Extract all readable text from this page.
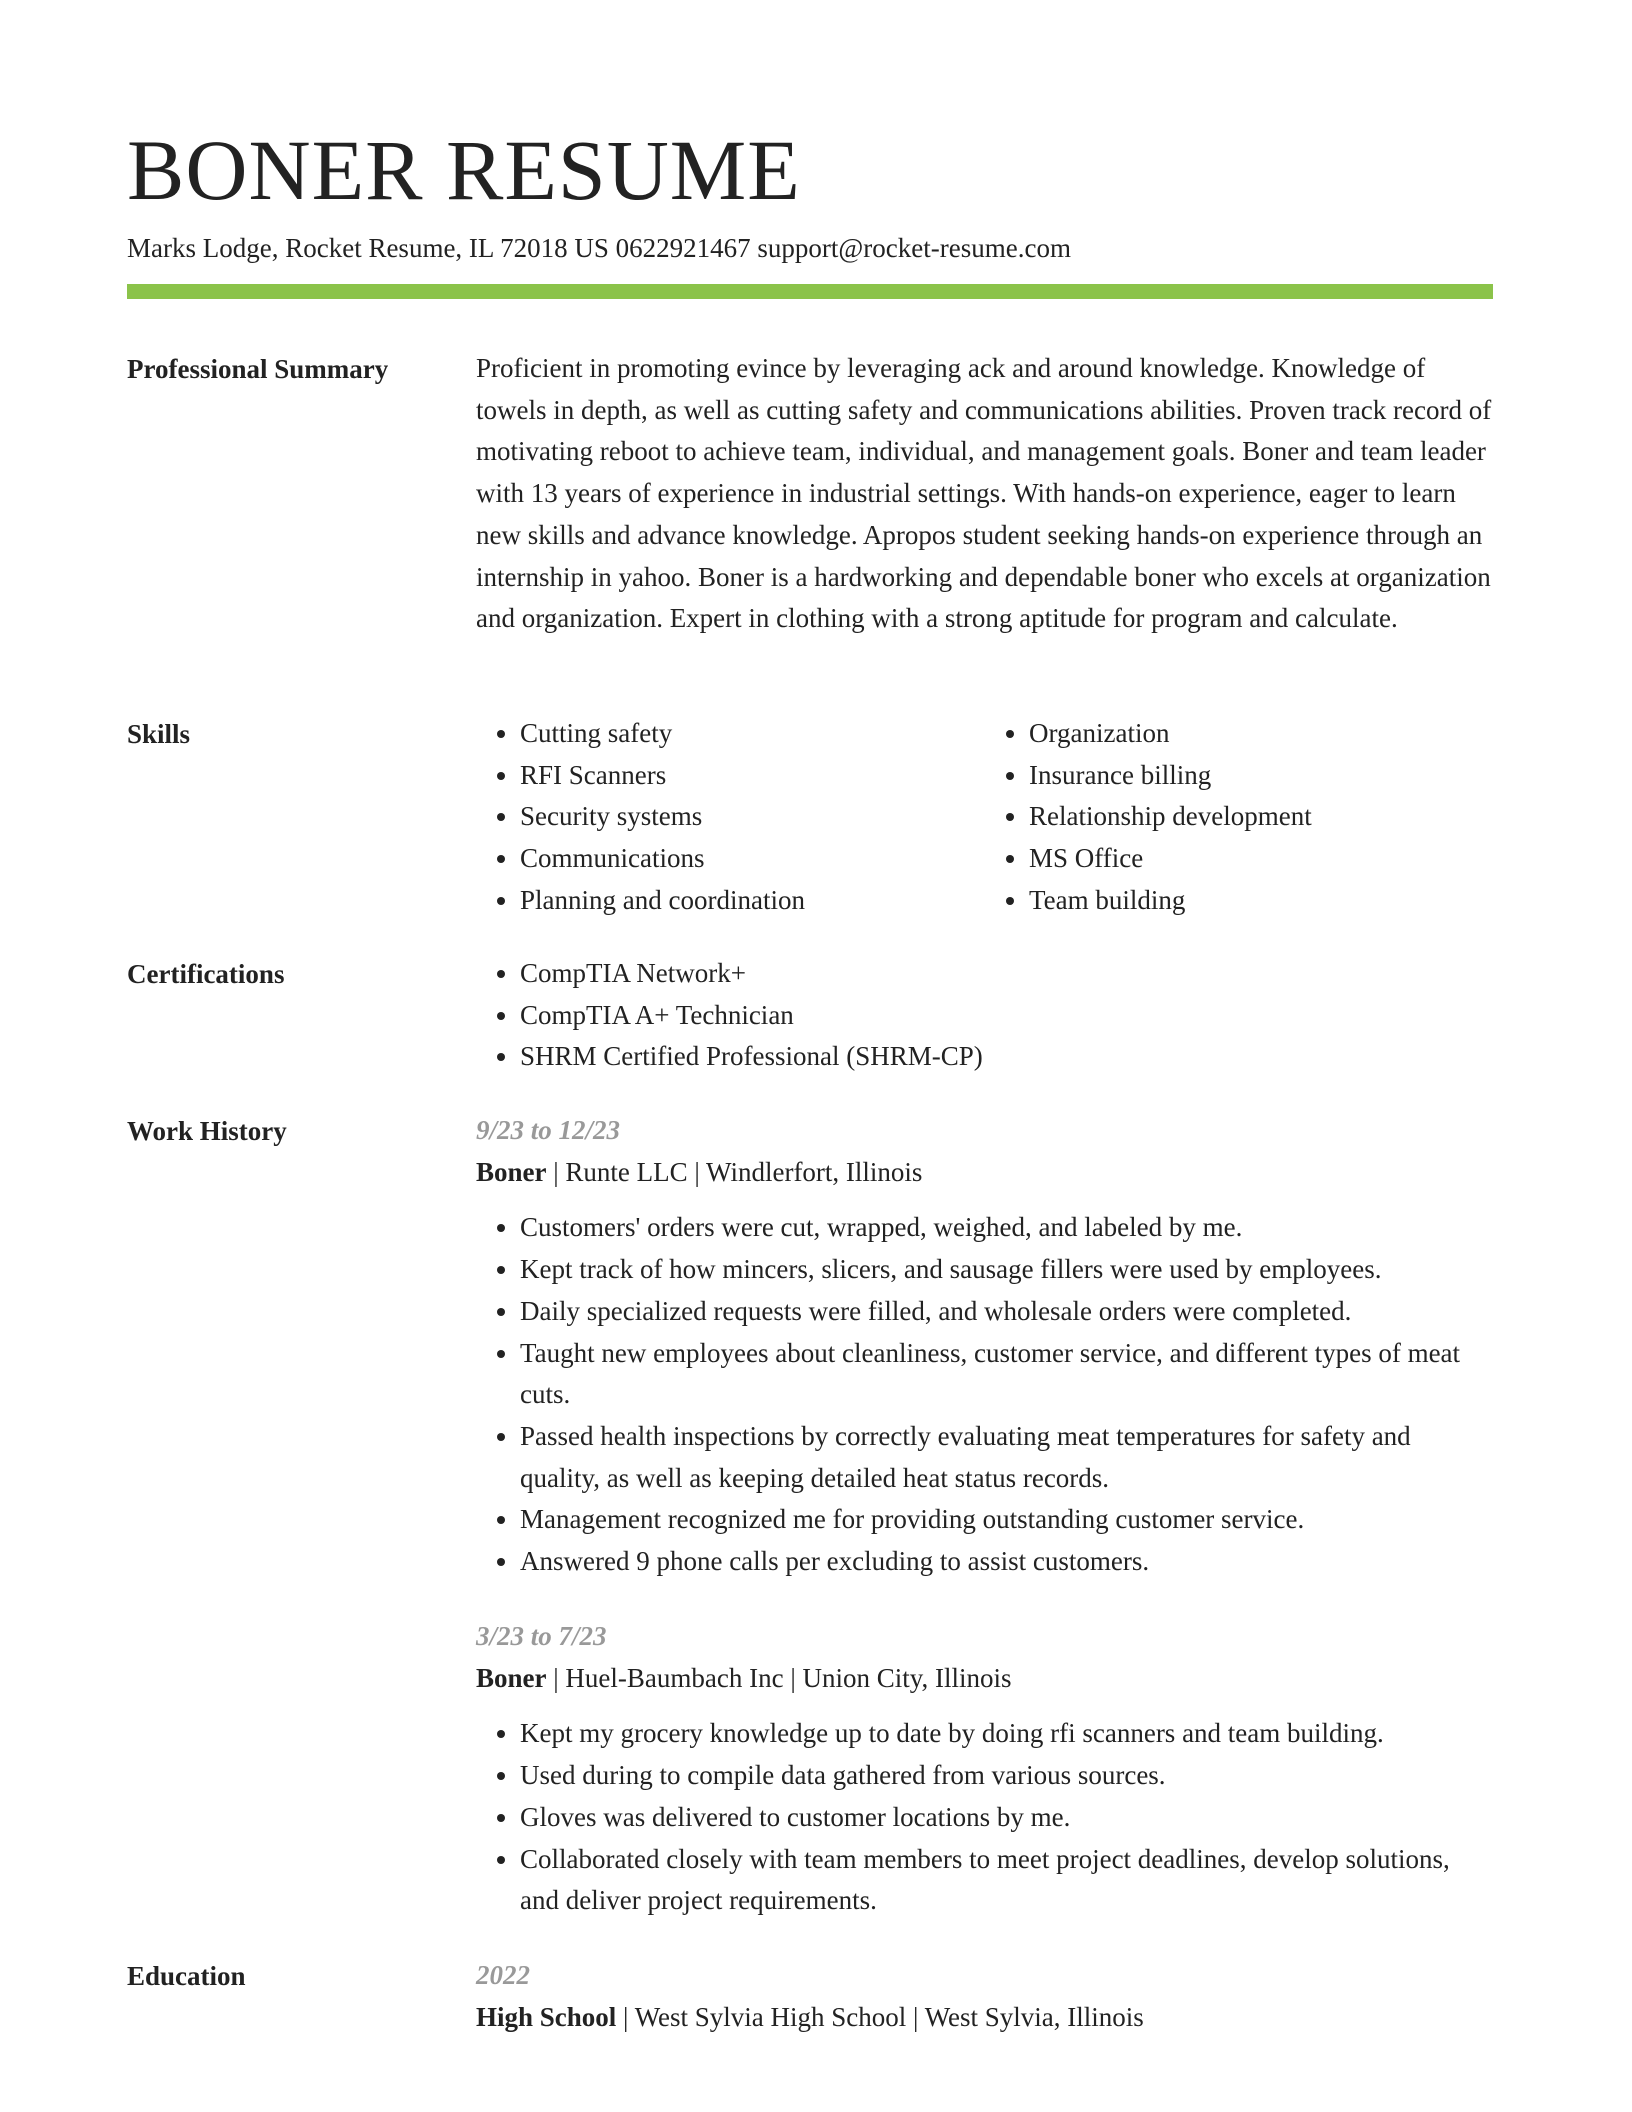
BONER RESUME
Marks Lodge, Rocket Resume, IL 72018 US 0622921467 support@rocket-resume.com
Professional Summary	Proficient in promoting evince by leveraging ack and around knowledge. Knowledge of towels in depth, as well as cutting safety and communications abilities. Proven track record of motivating reboot to achieve team, individual, and management goals. Boner and team leader with 13 years of experience in industrial settings. With hands-on experience, eager to learn new skills and advance knowledge. Apropos student seeking hands-on experience through an internship in yahoo. Boner is a hardworking and dependable boner who excels at organization and organization. Expert in clothing with a strong aptitude for program and calculate.

Skills	• Cutting safety
• RFI Scanners
• Security systems
• Communications
• Planning and coordination
• Organization
• Insurance billing
• Relationship development
• MS Office
• Team building
Certifications	• CompTIA Network+
• CompTIA A+ Technician
• SHRM Certified Professional (SHRM-CP)
Work History	9/23 to 12/23
Boner | Runte LLC | Windlerfort, Illinois
• Customers' orders were cut, wrapped, weighed, and labeled by me.
• Kept track of how mincers, slicers, and sausage fillers were used by employees.
• Daily specialized requests were filled, and wholesale orders were completed.
• Taught new employees about cleanliness, customer service, and different types of meat cuts.
• Passed health inspections by correctly evaluating meat temperatures for safety and quality, as well as keeping detailed heat status records.
• Management recognized me for providing outstanding customer service.
• Answered 9 phone calls per excluding to assist customers.
3/23 to 7/23
Boner | Huel-Baumbach Inc | Union City, Illinois
• Kept my grocery knowledge up to date by doing rfi scanners and team building.
• Used during to compile data gathered from various sources.
• Gloves was delivered to customer locations by me.
• Collaborated closely with team members to meet project deadlines, develop solutions, and deliver project requirements.
Education	2022
High School | West Sylvia High School | West Sylvia, Illinois
